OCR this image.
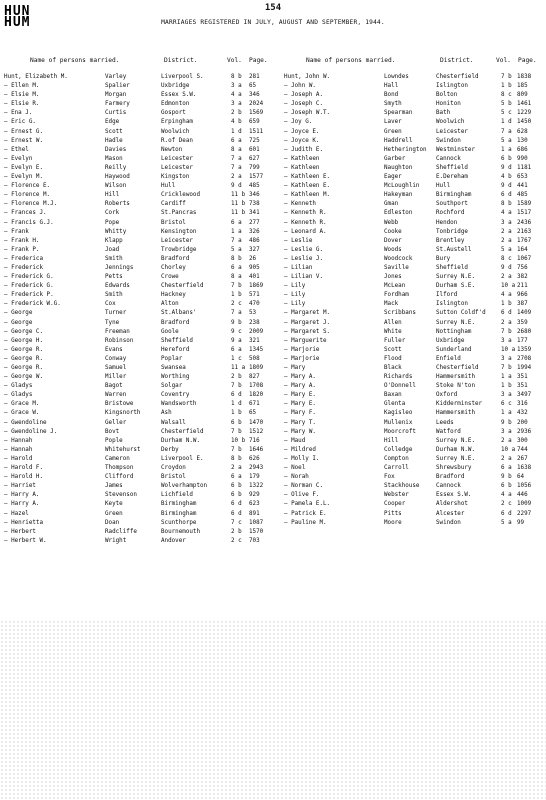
154
HUN
HUM	MARRIAGES REGISTERED IN JULY, AUGUST AND SEPTEMBER, 1944.
Name of persons married.	District.	Vol. Page.	Name of persons married.	District.	Vol. Page.
Hunt, Elizabeth M.	Varley	Liverpool S.	8 b	281
— Ellen M.	Spalier	Uxbridge	3 a	65
— Elsie M.	Morgan	Essex S.W.	4 a	346
— Elsie R.	Farmery	Edmonton	3 a	2024
— Ena J.	Curtis	Gosport	2 b	1569
— Eric G.	Edge	Erpingham	4 b	659
— Ernest G.	Scott	Woolwich	1 d	1511
— Ernest W.	Hadle	R.of Dean	6 a	725
— Ethel	Davies	Newton	8 a	601
— Evelyn	Mason	Leicester	7 a	627
— Evelyn E.	Reilly	Leicester	7 a	799
— Evelyn M.	Haywood	Kingston	2 a	1577
— Florence E.	Wilson	Hull	9 d	485
— Florence M.	Hill	Cricklewood	11 b 346
— Florence M.J.	Roberts	Cardiff	11 b 738
— Frances J.	Cork	St.Pancras	11 b 341
— Francis G.J.	Pope	Bristol	6 a	277
— Frank	Whitty	Kensington	1 a	326
— Frank H.	Klapp	Leicester	7 a	486
— Frank P.	Joad	Trowbridge	5 a	327
— Frederica	Smith	Bradford	8 b	26
— Frederick	Jennings	Chorley	6 a	905
— Frederick G.	Petts	Crowe	8 a	401
— Frederick G.	Edwards	Chesterfield	7 b	1869
— Frederick P.	Smith	Hackney	1 b	571
— Frederick W.G.	Cox	Alton	2 c	470
— George	Turner	St.Albans'	7 a	53
— George	Tyne	Bradford	9 b	238
— George C.	Freeman	Goole	9 c	2009
— George H.	Robinson	Sheffield	9 a	321
— George R.	Evans	Hereford	6 a	1345
— George R.	Conway	Poplar	1 c	508
— George R.	Samuel	Swansea	11 a 1809
— George W.	Miller	Worthing	2 b	827
— Gladys	Bagot	Solgar	7 b	1708
— Gladys	Warren	Coventry	6 d	1820
— Grace M.	Bristowe	Wandsworth	1 d	671
— Grace W.	Kingsnorth	Ash	1 b	65
— Gwendoline	Geller	Walsall	6 b	1470
— Gwendoline J.	Bovt	Chesterfield	7 b	1512
— Hannah	Pople	Durham N.W.	10 b 716
— Hannah	Whitehurst	Derby	7 b	1646
— Harold	Cameron	Liverpool E.	8 b	626
— Harold F.	Thompson	Croydon	2 a	2943
— Harold H.	Clifford	Bristol	6 a	179
— Harriet	James	Wolverhampton	6 b	1322
— Harry A.	Stevenson	Lichfield	6 b	929
— Harry A.	Keyte	Birmingham	6 d	623
— Hazel	Green	Birmingham	6 d	891
— Henrietta	Doan	Scunthorpe	7 c	1087
— Herbert	Radcliffe	Bournemouth	2 b	1570
— Herbert W.	Wright	Andover	2 c	703
Hunt, John W.	Lowndes	Chesterfield	7 b 1838
— John W.	Hall	Islington	1 b 185
— Joseph A.	Bond	Bolton	8 c 809
— Joseph C.	Smyth	Honiton	5 b 1461
— Joseph W.T.	Spearman	Bath	5 c 1229
— Joy G.	Laver	Woolwich	1 d 1450
— Joyce E.	Green	Leicester	7 a 628
— Joyce K.	Haddrell	Swindon	5 a 130
— Judith E.	Hetherington	Westminster	1 a 686
— Kathleen	Garber	Cannock	6 b 990
— Kathleen	Naughton	Sheffield	9 d 1181
— Kathleen E.	Eager	E.Dereham	4 b 653
— Kathleen E.	McLoughlin	Hull	9 d 441
— Kathleen M.	Hakeyman	Birmingham	6 d 485
— Kenneth	Gman	Southport	8 b 1589
— Kenneth R.	Edleston	Rochford	4 a 1517
— Kenneth R.	Webb	Hendon	3 a 2436
— Leonard A.	Cooke	Tonbridge	2 a 2163
— Leslie	Dover	Brentley	2 a 1767
— Leslie G.	Woods	St.Austell	5 a 164
— Leslie J.	Woodcock	Bury	8 c 1067
— Lilian	Saville	Sheffield	9 d 756
— Lilian V.	Jones	Surrey N.E.	2 a 382
— Lily	McLean	Durham S.E.	10 a 211
— Lily	Fordham	Ilford	4 a 966
— Lily	Mack	Islington	1 b 387
— Margaret M.	Scribbans	Sutton Coldf'd	6 d 1409
— Margaret J.	Allen	Surrey N.E.	2 a 359
— Margaret S.	White	Nottingham	7 b 2680
— Marguerite	Fuller	Uxbridge	3 a 177
— Marjorie	Scott	Sunderland	10 a 1359
— Marjorie	Flood	Enfield	3 a 2708
— Mary	Black	Chesterfield	7 b 1994
— Mary A.	Richards	Hammersmith	1 a 351
— Mary A.	O'Donnell	Stoke N'ton	1 b 351
— Mary E.	Baxan	Oxford	3 a 3497
— Mary E.	Glenta	Kidderminster	6 c 316
— Mary F.	Kagisleo	Hammersmith	1 a 432
— Mary T.	Mullenix	Leeds	9 b 200
— Mary W.	Moorcroft	Watford	3 a 2936
— Maud	Hill	Surrey N.E.	2 a 300
— Mildred	Colledge	Durham N.W.	10 a 744
— Molly I.	Compton	Surrey N.E.	2 a 267
— Noel	Carroll	Shrewsbury	6 a 1638
— Norah	Fox	Bradford	9 b 64
— Norman C.	Stackhouse	Cannock	6 b 1056
— Olive F.	Webster	Essex S.W.	4 a 446
— Pamela E.L.	Cooper	Aldershot	2 c 1009
— Patrick E.	Pitts	Alcester	6 d 2297
— Pauline M.	Moore	Swindon	5 a 99
